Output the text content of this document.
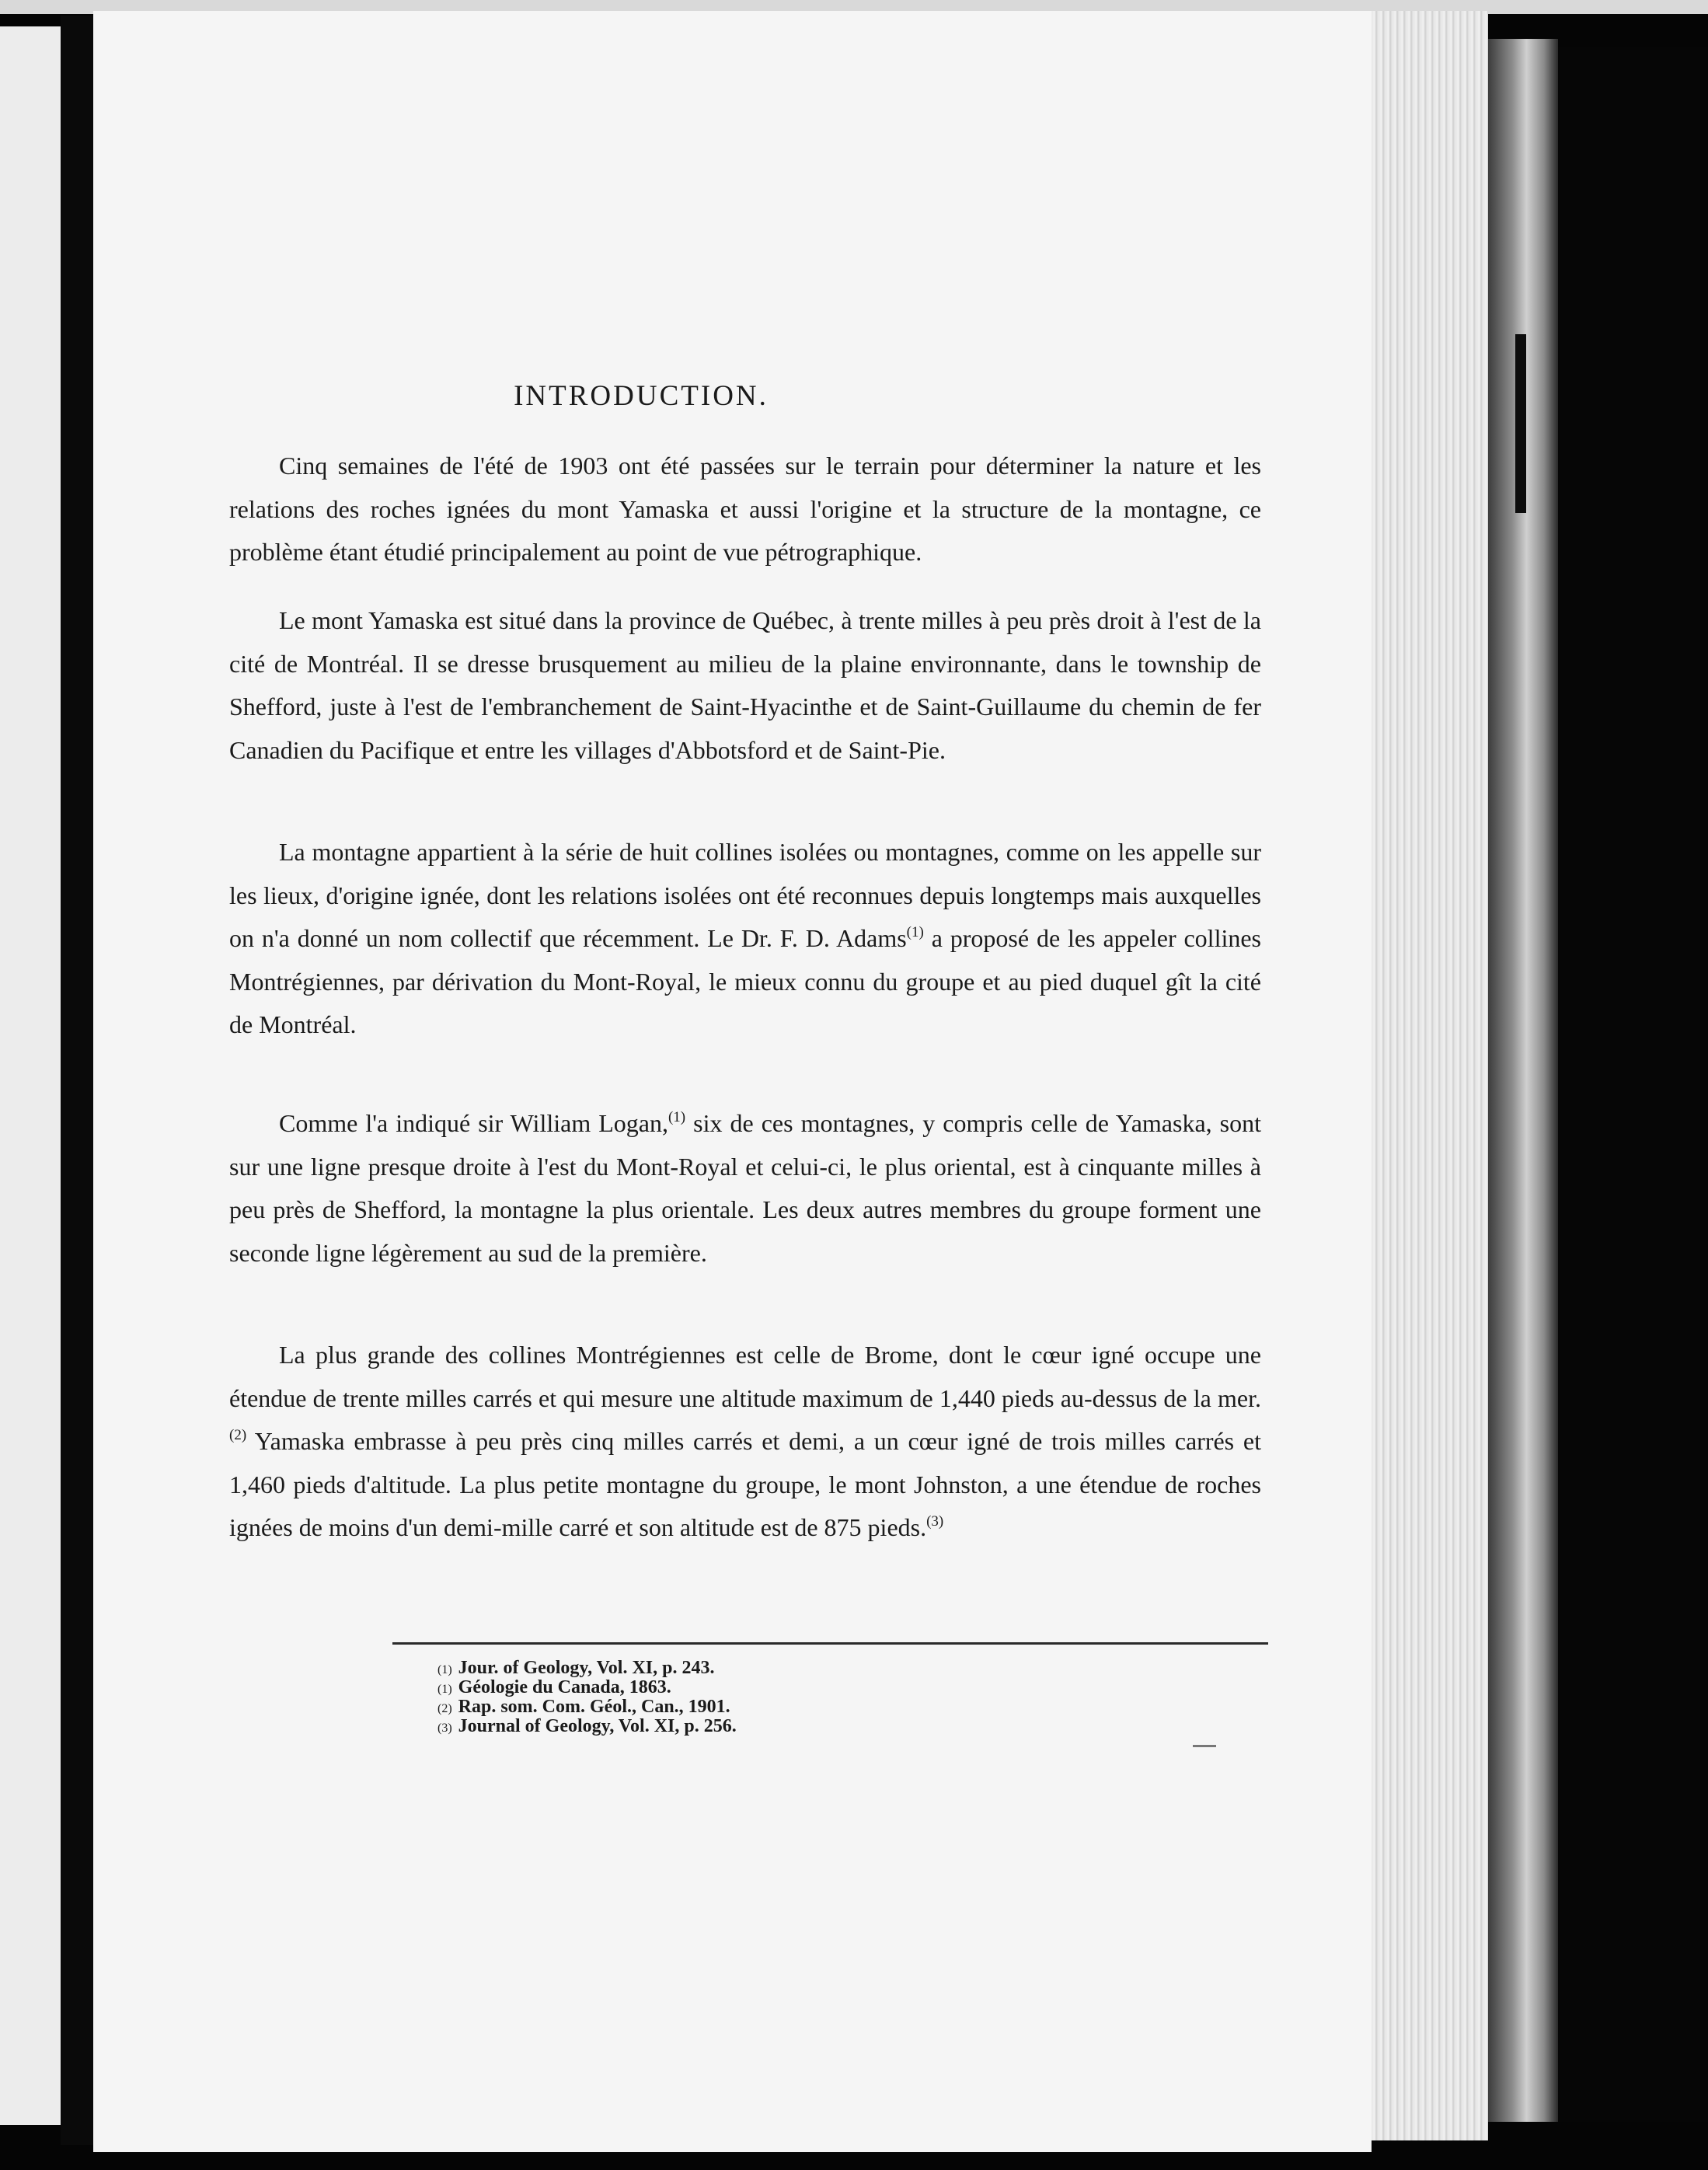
INTRODUCTION.

Cinq semaines de l'été de 1903 ont été passées sur le terrain pour déterminer la nature et les relations des roches ignées du mont Yamaska et aussi l'origine et la structure de la montagne, ce problème étant étudié principalement au point de vue pétrographique.

Le mont Yamaska est situé dans la province de Québec, à trente milles à peu près droit à l'est de la cité de Montréal. Il se dresse brusquement au milieu de la plaine environnante, dans le township de Shefford, juste à l'est de l'embranchement de Saint-Hyacinthe et de Saint-Guillaume du chemin de fer Canadien du Pacifique et entre les villages d'Abbotsford et de Saint-Pie.

La montagne appartient à la série de huit collines isolées ou montagnes, comme on les appelle sur les lieux, d'origine ignée, dont les relations isolées ont été reconnues depuis longtemps mais auxquelles on n'a donné un nom collectif que récemment. Le Dr. F. D. Adams$^{(1)}$ a proposé de les appeler collines Montrégiennes, par dérivation du Mont-Royal, le mieux connu du groupe et au pied duquel gît la cité de Montréal.

Comme l'a indiqué sir William Logan,$^{(1)}$ six de ces montagnes, y compris celle de Yamaska, sont sur une ligne presque droite à l'est du Mont-Royal et celui-ci, le plus oriental, est à cinquante milles à peu près de Shefford, la montagne la plus orientale. Les deux autres membres du groupe forment une seconde ligne légèrement au sud de la première.

La plus grande des collines Montrégiennes est celle de Brome, dont le cœur igné occupe une étendue de trente milles carrés et qui mesure une altitude maximum de 1,440 pieds au-dessus de la mer.$^{(2)}$ Yamaska embrasse à peu près cinq milles carrés et demi, a un cœur igné de trois milles carrés et 1,460 pieds d'altitude. La plus petite montagne du groupe, le mont Johnston, a une étendue de roches ignées de moins d'un demi-mille carré et son altitude est de 875 pieds.$^{(3)}$

(1) Jour. of Geology, Vol. XI, p. 243.
(1) Géologie du Canada, 1863.
(2) Rap. som. Com. Géol., Can., 1901.
(3) Journal of Geology, Vol. XI, p. 256.
